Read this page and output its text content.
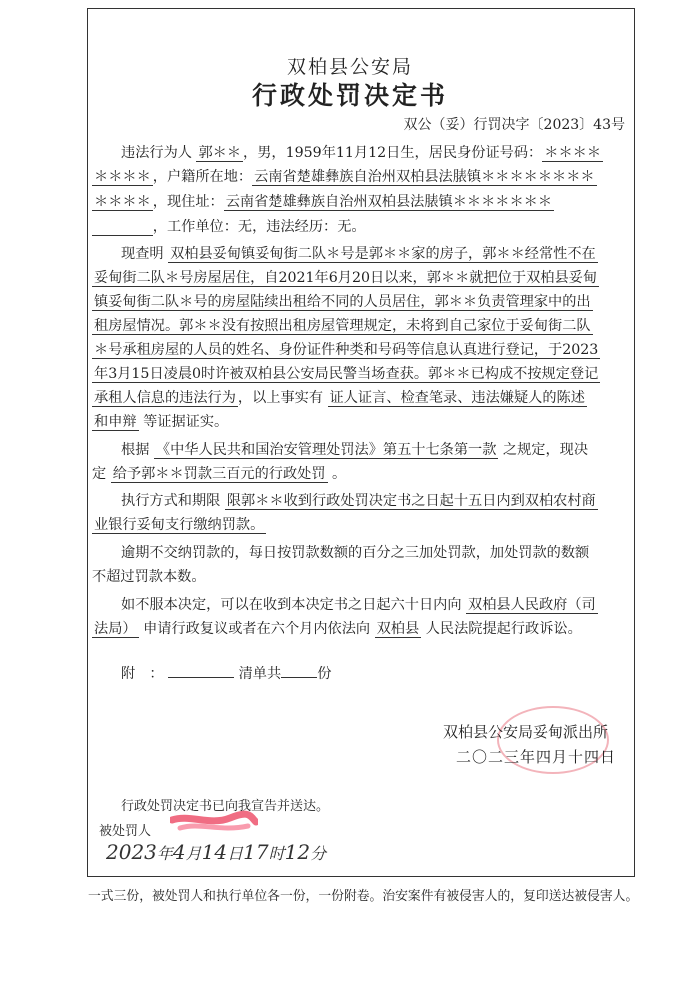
双柏县公安局
行政处罚决定书
双公（妥）行罚决字〔2023〕43号
违法行为人 郭＊＊ ，男，1959年11月12日生，居民身份证号码： ＊＊＊＊
＊＊＊＊ ，户籍所在地： 云南省楚雄彝族自治州双柏县法脿镇＊＊＊＊＊＊＊＊
＊＊＊＊ ，现住址： 云南省楚雄彝族自治州双柏县法脿镇＊＊＊＊＊＊＊
　　　　，工作单位：无，违法经历：无。
现查明 双柏县妥甸镇妥甸街二队＊号是郭＊＊家的房子，郭＊＊经常性不在
妥甸街二队＊号房屋居住，自2021年6月20日以来，郭＊＊就把位于双柏县妥甸
镇妥甸街二队＊号的房屋陆续出租给不同的人员居住，郭＊＊负责管理家中的出
租房屋情况。郭＊＊没有按照出租房屋管理规定，未将到自己家位于妥甸街二队
＊号承租房屋的人员的姓名、身份证件种类和号码等信息认真进行登记，于2023
年3月15日凌晨0时许被双柏县公安局民警当场查获。郭＊＊已构成不按规定登记
承租人信息的违法行为 ，以上事实有 证人证言、检查笔录、违法嫌疑人的陈述
和申辩 等证据证实。
根据 《中华人民共和国治安管理处罚法》第五十七条第一款 之规定，现决
定 给予郭＊＊罚款三百元的行政处罚 。
执行方式和期限 限郭＊＊收到行政处罚决定书之日起十五日内到双柏农村商
业银行妥甸支行缴纳罚款。
逾期不交纳罚款的，每日按罚款数额的百分之三加处罚款，加处罚款的数额
不超过罚款本数。
如不服本决定，可以在收到本决定书之日起六十日内向 双柏县人民政府（司
法局） 申请行政复议或者在六个月内依法向 双柏县 人民法院提起行政诉讼。
附　：	清单共	份
双柏县公安局妥甸派出所
二〇二三年四月十四日
行政处罚决定书已向我宣告并送达。
被处罚人
2023年4月14日17时12分
一式三份，被处罚人和执行单位各一份，一份附卷。治安案件有被侵害人的，复印送达被侵害人。
